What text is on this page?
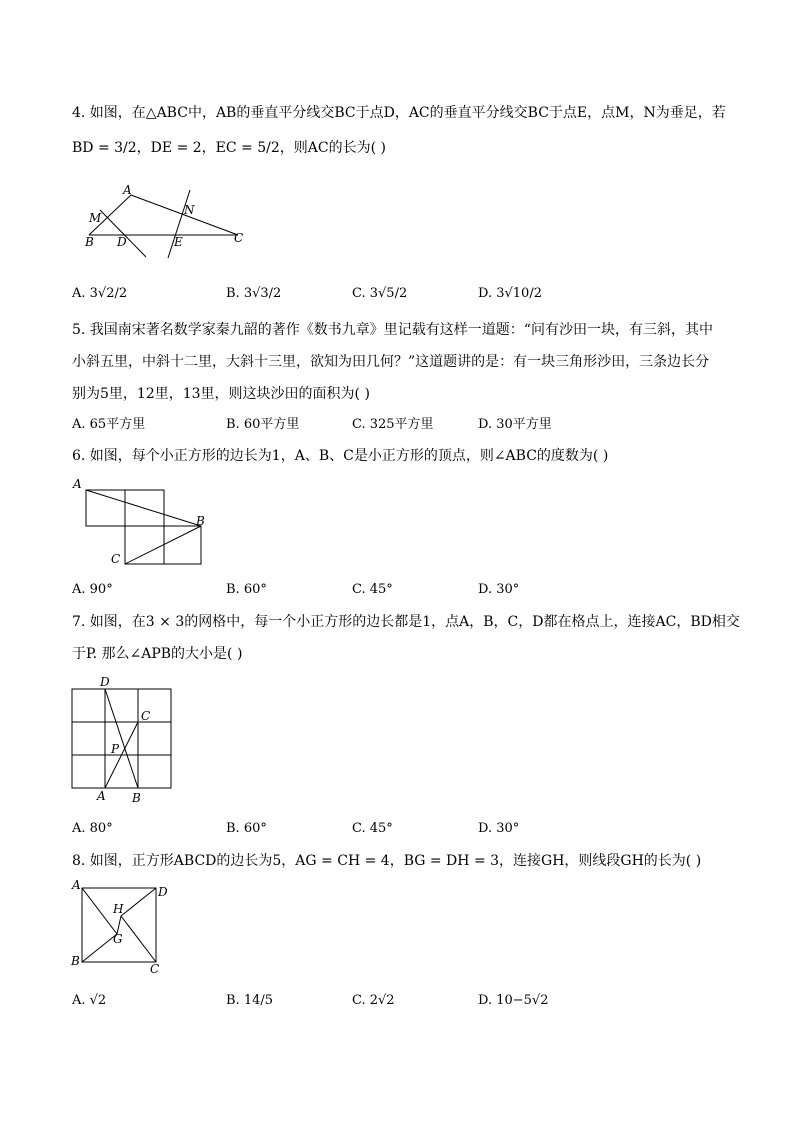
4. 如图，在△ABC中，AB的垂直平分线交BC于点D，AC的垂直平分线交BC于点E，点M，N为垂足，若
BD = 3/2，DE = 2，EC = 5/2，则AC的长为( )
A
M
B D
N
E	C
A. 3√2/2	B. 3√3/2	C. 3√5/2	D. 3√10/2
5. 我国南宋著名数学家秦九韶的著作《数书九章》里记载有这样一道题：“问有沙田一块，有三斜，其中
小斜五里，中斜十二里，大斜十三里，欲知为田几何？”这道题讲的是：有一块三角形沙田，三条边长分
别为5里，12里，13里，则这块沙田的面积为( )
A. 65平方里	B. 60平方里	C. 325平方里	D. 30平方里
6. 如图，每个小正方形的边长为1，A、B、C是小正方形的顶点，则∠ABC的度数为( )
A
B
C
A. 90°	B. 60°	C. 45°	D. 30°
7. 如图，在3 × 3的网格中，每一个小正方形的边长都是1，点A，B，C，D都在格点上，连接AC，BD相交
于P. 那么∠APB的大小是( )
D
C
P
A B
A. 80°	B. 60°	C. 45°	D. 30°
8. 如图，正方形ABCD的边长为5，AG = CH = 4，BG = DH = 3，连接GH，则线段GH的长为( )
A	D
H
G
B
C
A. √2	B. 14/5	C. 2√2	D. 10−5√2
